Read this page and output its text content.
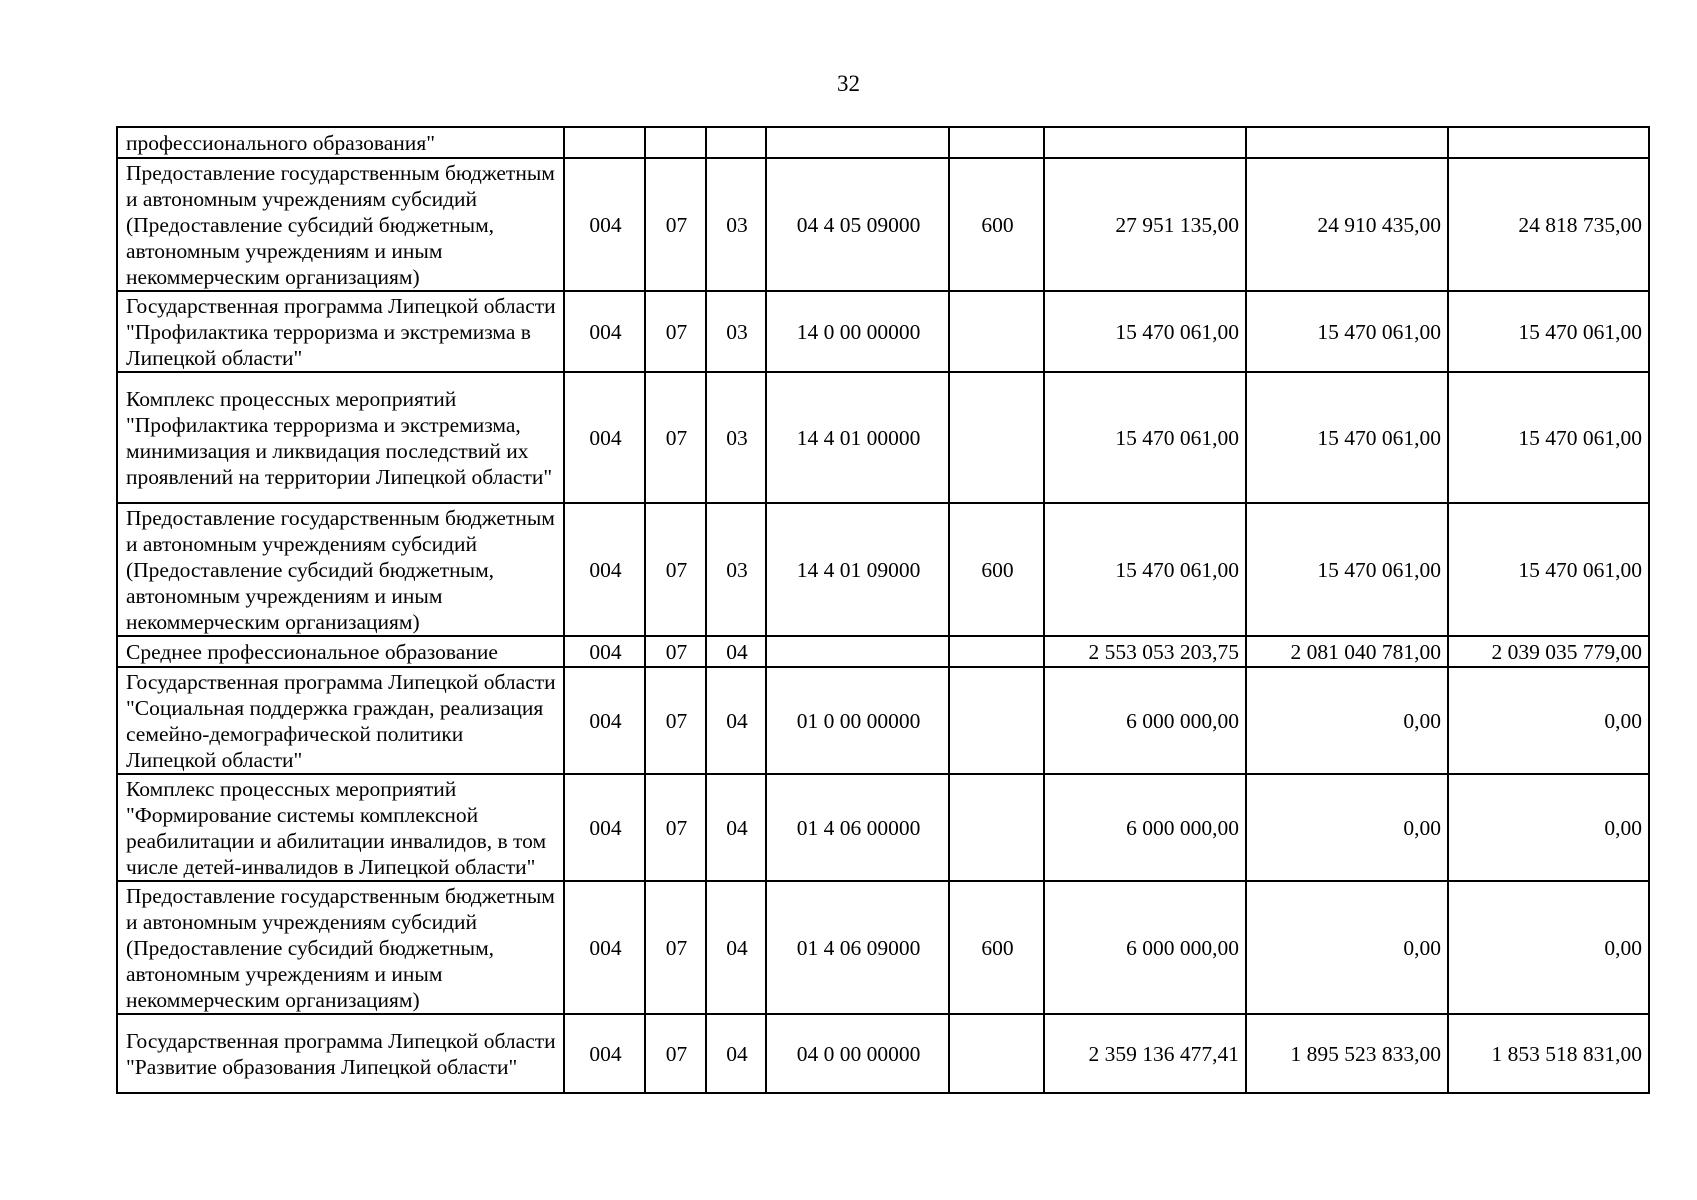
32
профессионального образования"								
Предоставление государственным бюджетным и автономным учреждениям субсидий (Предоставление субсидий бюджетным, автономным учреждениям и иным некоммерческим организациям)	004	07	03	04 4 05 09000	600	27 951 135,00	24 910 435,00	24 818 735,00
Государственная программа Липецкой области "Профилактика терроризма и экстремизма в Липецкой области"	004	07	03	14 0 00 00000		15 470 061,00	15 470 061,00	15 470 061,00
Комплекс процессных мероприятий "Профилактика терроризма и экстремизма, минимизация и ликвидация последствий их проявлений на территории Липецкой области"	004	07	03	14 4 01 00000		15 470 061,00	15 470 061,00	15 470 061,00
Предоставление государственным бюджетным и автономным учреждениям субсидий (Предоставление субсидий бюджетным, автономным учреждениям и иным некоммерческим организациям)	004	07	03	14 4 01 09000	600	15 470 061,00	15 470 061,00	15 470 061,00
Среднее профессиональное образование	004	07	04			2 553 053 203,75	2 081 040 781,00	2 039 035 779,00
Государственная программа Липецкой области "Социальная поддержка граждан, реализация семейно-демографической политики Липецкой области"	004	07	04	01 0 00 00000		6 000 000,00	0,00	0,00
Комплекс процессных мероприятий "Формирование системы комплексной реабилитации и абилитации инвалидов, в том числе детей-инвалидов в Липецкой области"	004	07	04	01 4 06 00000		6 000 000,00	0,00	0,00
Предоставление государственным бюджетным и автономным учреждениям субсидий (Предоставление субсидий бюджетным, автономным учреждениям и иным некоммерческим организациям)	004	07	04	01 4 06 09000	600	6 000 000,00	0,00	0,00
Государственная программа Липецкой области "Развитие образования Липецкой области"	004	07	04	04 0 00 00000		2 359 136 477,41	1 895 523 833,00	1 853 518 831,00
